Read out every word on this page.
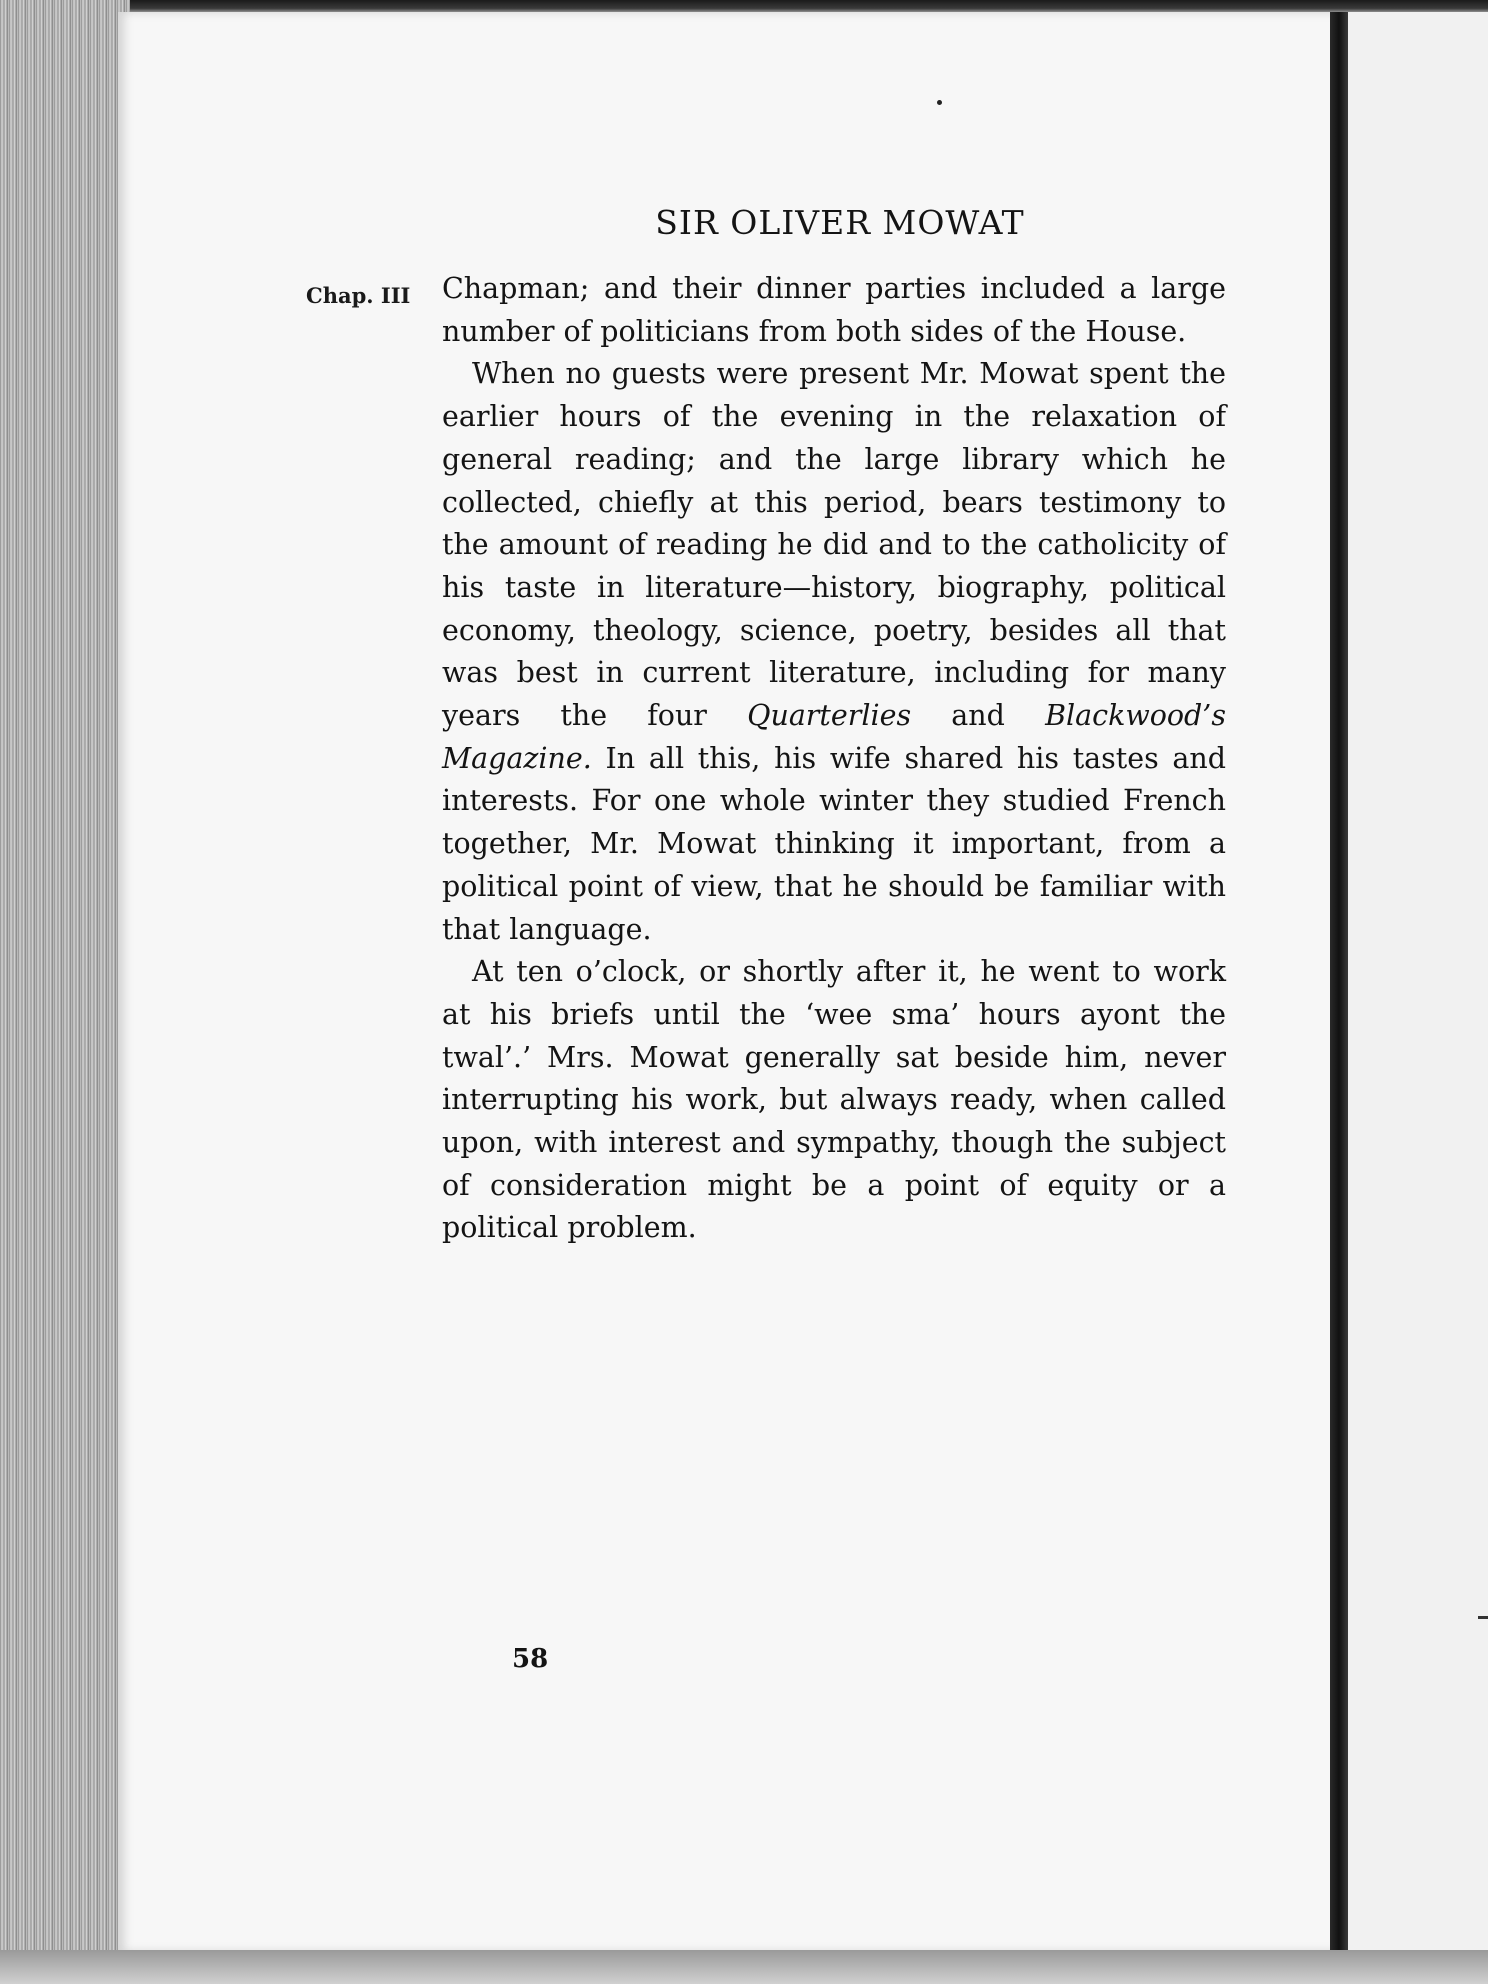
SIR OLIVER MOWAT
Chap. III Chapman; and their dinner parties included a large number of politicians from both sides of the House.

When no guests were present Mr. Mowat spent the earlier hours of the evening in the relaxation of general reading; and the large library which he collected, chiefly at this period, bears testimony to the amount of reading he did and to the catholicity of his taste in literature—history, biography, political economy, theology, science, poetry, besides all that was best in current literature, including for many years the four Quarterlies and Blackwood’s Magazine. In all this, his wife shared his tastes and interests. For one whole winter they studied French together, Mr. Mowat thinking it important, from a political point of view, that he should be familiar with that language.

At ten o’clock, or shortly after it, he went to work at his briefs until the ‘wee sma’ hours ayont the twal’.’ Mrs. Mowat generally sat beside him, never interrupting his work, but always ready, when called upon, with interest and sympathy, though the subject of consideration might be a point of equity or a political problem.

58
